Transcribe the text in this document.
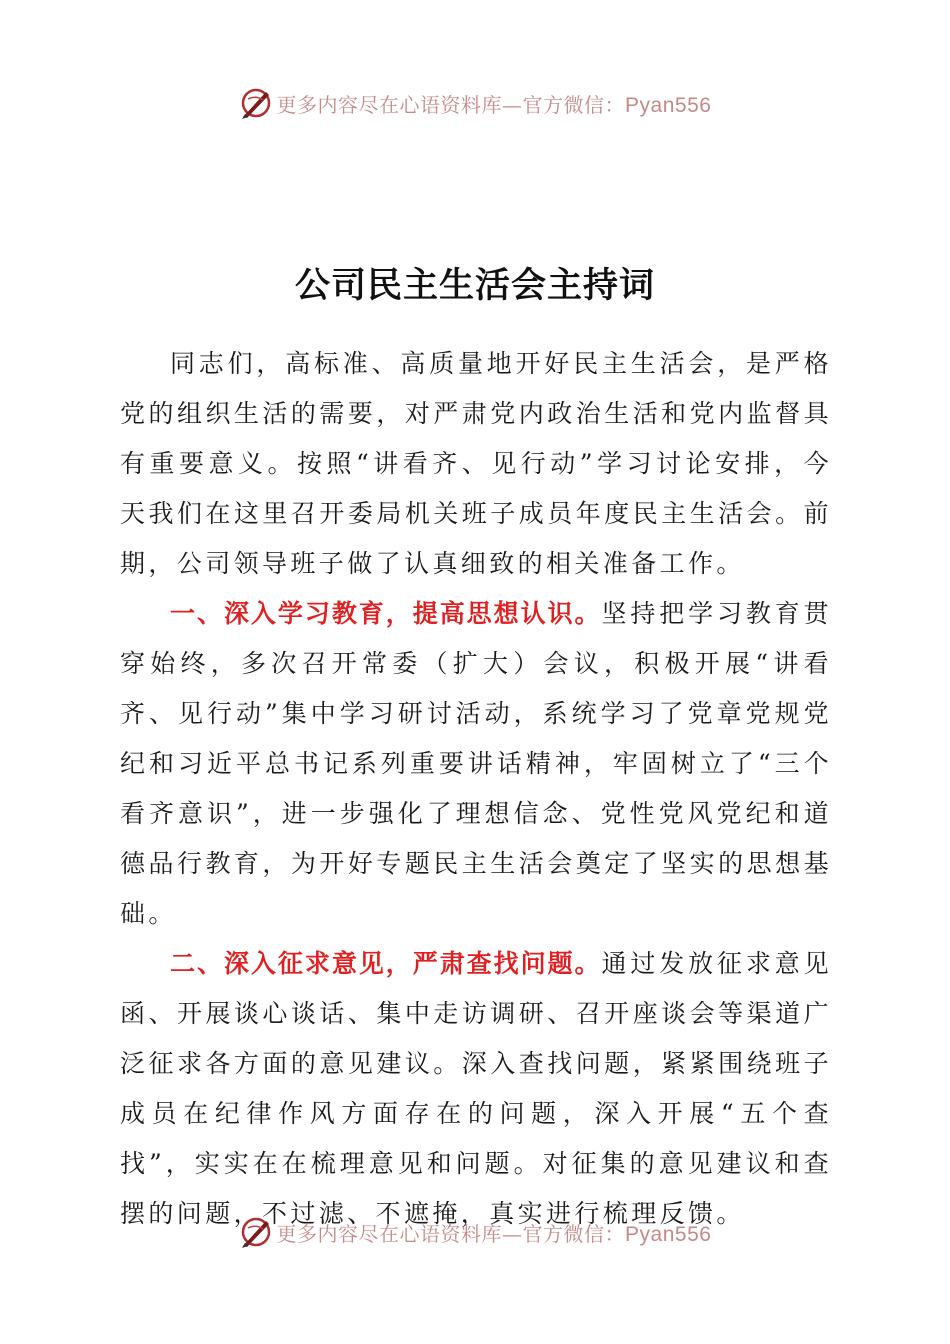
更多内容尽在心语资料库—官方微信：Pyan556
公司民主生活会主持词

同志们，高标准、高质量地开好民主生活会，是严格党的组织生活的需要，对严肃党内政治生活和党内监督具有重要意义。按照“讲看齐、见行动”学习讨论安排，今天我们在这里召开委局机关班子成员年度民主生活会。前期，公司领导班子做了认真细致的相关准备工作。

一、深入学习教育，提高思想认识。坚持把学习教育贯穿始终，多次召开常委（扩大）会议，积极开展“讲看齐、见行动”集中学习研讨活动，系统学习了党章党规党纪和习近平总书记系列重要讲话精神，牢固树立了“三个看齐意识”，进一步强化了理想信念、党性党风党纪和道德品行教育，为开好专题民主生活会奠定了坚实的思想基础。

二、深入征求意见，严肃查找问题。通过发放征求意见函、开展谈心谈话、集中走访调研、召开座谈会等渠道广泛征求各方面的意见建议。深入查找问题，紧紧围绕班子成员在纪律作风方面存在的问题，深入开展“五个查找”，实实在在梳理意见和问题。对征集的意见建议和查摆的问题，不过滤、不遮掩，真实进行梳理反馈。

更多内容尽在心语资料库—官方微信：Pyan556
